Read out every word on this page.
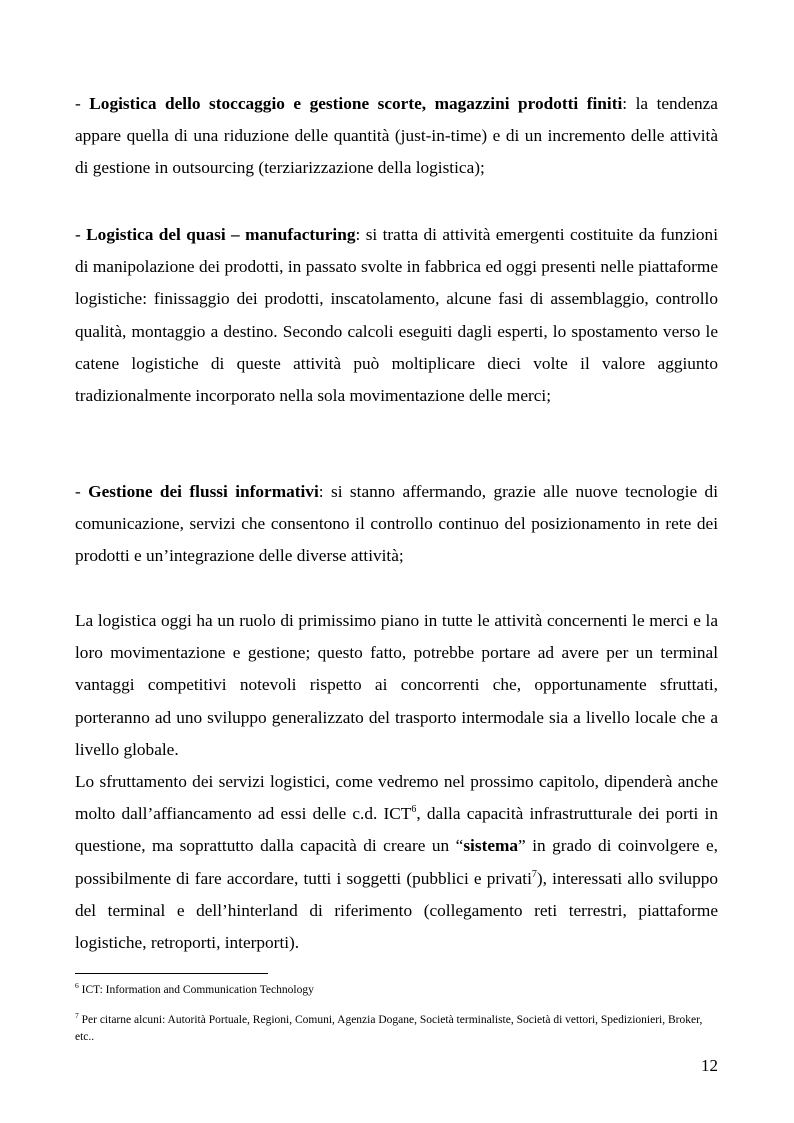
- Logistica dello stoccaggio e gestione scorte, magazzini prodotti finiti: la tendenza appare quella di una riduzione delle quantità (just-in-time) e di un incremento delle attività di gestione in outsourcing (terziarizzazione della logistica);

- Logistica del quasi – manufacturing: si tratta di attività emergenti costituite da funzioni di manipolazione dei prodotti, in passato svolte in fabbrica ed oggi presenti nelle piattaforme logistiche: finissaggio dei prodotti, inscatolamento, alcune fasi di assemblaggio, controllo qualità, montaggio a destino. Secondo calcoli eseguiti dagli esperti, lo spostamento verso le catene logistiche di queste attività può moltiplicare dieci volte il valore aggiunto tradizionalmente incorporato nella sola movimentazione delle merci;

- Gestione dei flussi informativi: si stanno affermando, grazie alle nuove tecnologie di comunicazione, servizi che consentono il controllo continuo del posizionamento in rete dei prodotti e un’integrazione delle diverse attività;

La logistica oggi ha un ruolo di primissimo piano in tutte le attività concernenti le merci e la loro movimentazione e gestione; questo fatto, potrebbe portare ad avere per un terminal vantaggi competitivi notevoli rispetto ai concorrenti che, opportunamente sfruttati, porteranno ad uno sviluppo generalizzato del trasporto intermodale sia a livello locale che a livello globale.

Lo sfruttamento dei servizi logistici, come vedremo nel prossimo capitolo, dipenderà anche molto dall’affiancamento ad essi delle c.d. ICT$^6$, dalla capacità infrastrutturale dei porti in questione, ma soprattutto dalla capacità di creare un “sistema” in grado di coinvolgere e, possibilmente di fare accordare, tutti i soggetti (pubblici e privati$^7$), interessati allo sviluppo del terminal e dell’hinterland di riferimento (collegamento reti terrestri, piattaforme logistiche, retroporti, interporti).

$^6$ ICT: Information and Communication Technology
$^7$ Per citarne alcuni: Autorità Portuale, Regioni, Comuni, Agenzia Dogane, Società terminaliste, Società di vettori, Spedizionieri, Broker, etc..
12
